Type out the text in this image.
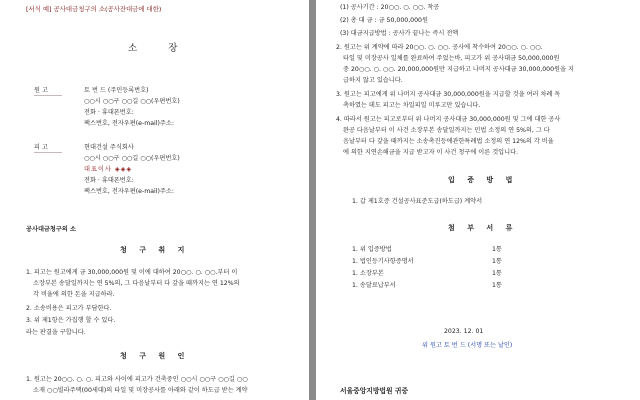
[서식 예] 공사대금청구의 소(공사잔대금에 대한)
소 장
원 고	토 번 드 (주민등록번호)
○○시 ○○구 ○○길 ○○(우편번호)
전화 · 휴대폰번호:
팩스번호, 전자우편(e-mail)주소:
피 고	현대건설 주식회사
○○시 ○○구 ○○길 ○○(우편번호)
대표이사 ◈◈◈
전화 · 휴대폰번호:
팩스번호, 전자우편(e-mail)주소:
공사대금청구의 소
청 구 취 지
1. 피고는 원고에게 금 30,000,000원 및 이에 대하여 20○○. ○. ○○.부터 이
소장부본 송달일까지는 연 5%의, 그 다음날부터 다 갚을 때까지는 연 12%의
각 비율에 의한 돈을 지급하라.
2. 소송비용은 피고가 부담한다.
3. 위 제1항은 가집행 할 수 있다.
라는 판결을 구합니다.
청 구 원 인
1. 원고는 20○○. ○. ○. 피고와 사이에 피고가 건축중인 ○○시 ○○구 ○○길 ○○
소재 ○○빌라주택(00세대)의 타일 및 미장공사를 아래와 같이 하도급 받는 계약
(1) 공사기간 : 20○○. ○. ○○. 착공
(2) 총 대 금 : 금 50,000,000원
(3) 대금지급방법 : 공사가 끝나는 즉시 전액
2. 원고는 위 계약에 따라 20○○. ○. ○○. 공사에 착수하여 20○○. ○. ○○.
타일 및 미장공사 일체를 완료하여 주었는바, 피고가 위 공사대금 50,000,000원
중 20○○. ○. ○○. 20,000,000원만 지급하고 나머지 공사대금 30,000,000원을 지
급하지 않고 있습니다.
3. 원고는 피고에게 위 나머지 공사대금 30,000,000원을 지급할 것을 여러 차례 독
촉하였는 데도 피고는 차일피일 미루고만 있습니다.
4. 따라서 원고는 피고로부터 위 나머지 공사대금 30,000,000원 및 그에 대한 공사
완공 다음날부터 이 사건 소장부본 송달일까지는 민법 소정의 연 5%의, 그 다
음날부터 다 갚을 때까지는 소송촉진등에관한특례법 소정의 연 12%의 각 비율
에 의한 지연손해금을 지급 받고자 이 사건 청구에 이른 것입니다.
입 증 방 법
1. 갑 제1호증 건설공사표준도급(하도급) 계약서
첨 부 서 류
1. 위 입증방법	1통
1. 법인등기사항증명서	1통
1. 소장부본	1통
1. 송달료납부서	1통
2023. 12. 01
위 원고 토 번 드 (서명 또는 날인)
서울중앙지방법원 귀중
